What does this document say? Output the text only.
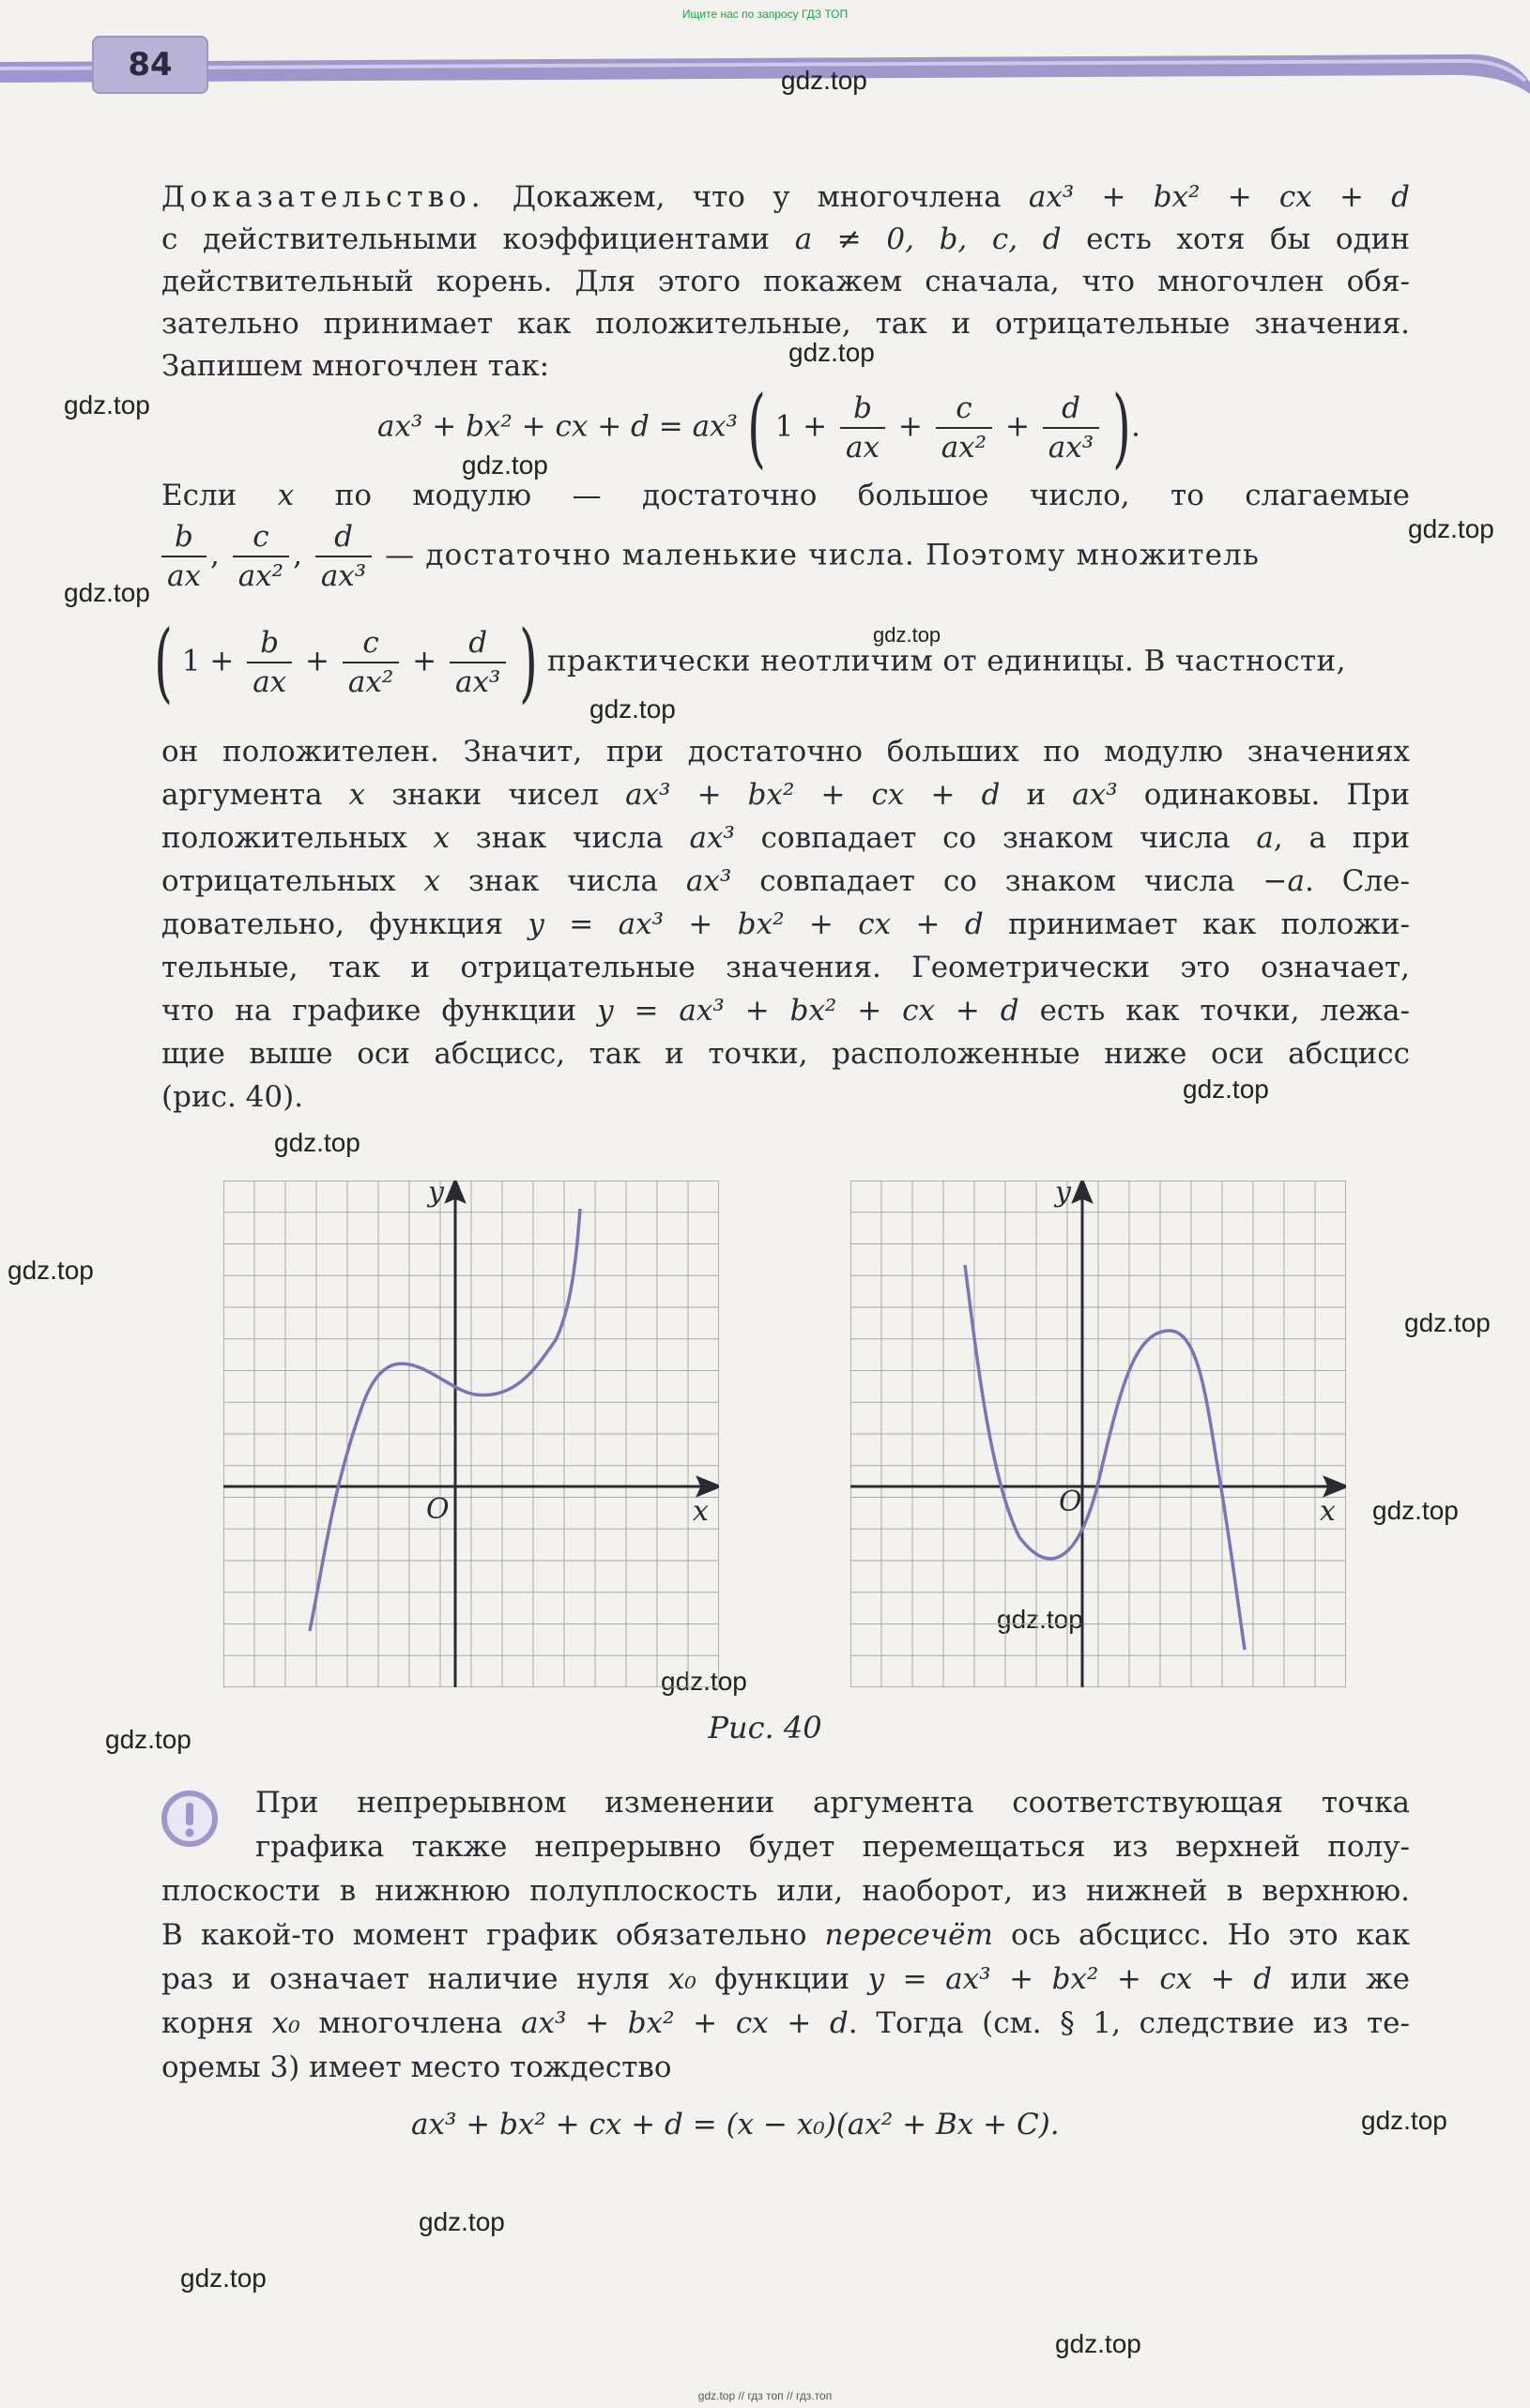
Ищите нас по запросу ГДЗ ТОП
84	gdz.top
gdz.top
gdz.top
gdz.top
gdz.top
gdz.top
gdz.top
gdz.top
gdz.top
gdz.top
gdz.top
gdz.top
gdz.top
gdz.top
gdz.top
gdz.top
gdz.top
gdz.top
gdz.top
gdz.top
Доказательство. Докажем, что у многочлена ax³ + bx² + cx + d
с действительными коэффициентами a ≠ 0, b, c, d есть хотя бы один
действительный корень. Для этого покажем сначала, что многочлен обя-
зательно принимает как положительные, так и отрицательные значения.
Запишем многочлен так:
ax³ + bx² + cx + d = ax³ ( $1 + \frac{b}{ax} + \frac{c}{\text{ax²}} + \frac{d}{\text{ax³}}$ ).
Если x по модулю — достаточно большое число, то слагаемые
$\frac{b}{ax}$ , $\frac{c}{\text{ax²}}$ , $\frac{d}{\text{ax³}}$ — достаточно маленькие числа. Поэтому множитель
( $1 + \frac{b}{ax} + \frac{c}{\text{ax²}} + \frac{d}{\text{ax³}}$ ) практически неотличим от единицы. В частности,
он положителен. Значит, при достаточно больших по модулю значениях
аргумента x знаки чисел ax³ + bx² + cx + d и ax³ одинаковы. При
положительных x знак числа ax³ совпадает со знаком числа a, а при
отрицательных x знак числа ax³ совпадает со знаком числа −a. Сле-
довательно, функция y = ax³ + bx² + cx + d принимает как положи-
тельные, так и отрицательные значения. Геометрически это означает,
что на графике функции y = ax³ + bx² + cx + d есть как точки, лежа-
щие выше оси абсцисс, так и точки, расположенные ниже оси абсцисс
(рис. 40).
y
x
O
y
x
O
Рис. 40
При непрерывном изменении аргумента соответствующая точка
графика также непрерывно будет перемещаться из верхней полу-
плоскости в нижнюю полуплоскость или, наоборот, из нижней в верхнюю.
В какой-то момент график обязательно пересечёт ось абсцисс. Но это как
раз и означает наличие нуля x₀ функции y = ax³ + bx² + cx + d или же
корня x₀ многочлена ax³ + bx² + cx + d. Тогда (см. § 1, следствие из те-
оремы 3) имеет место тождество
ax³ + bx² + cx + d = (x − x₀)(ax² + Bx + C).
gdz.top // гдз топ // гдз.топ
